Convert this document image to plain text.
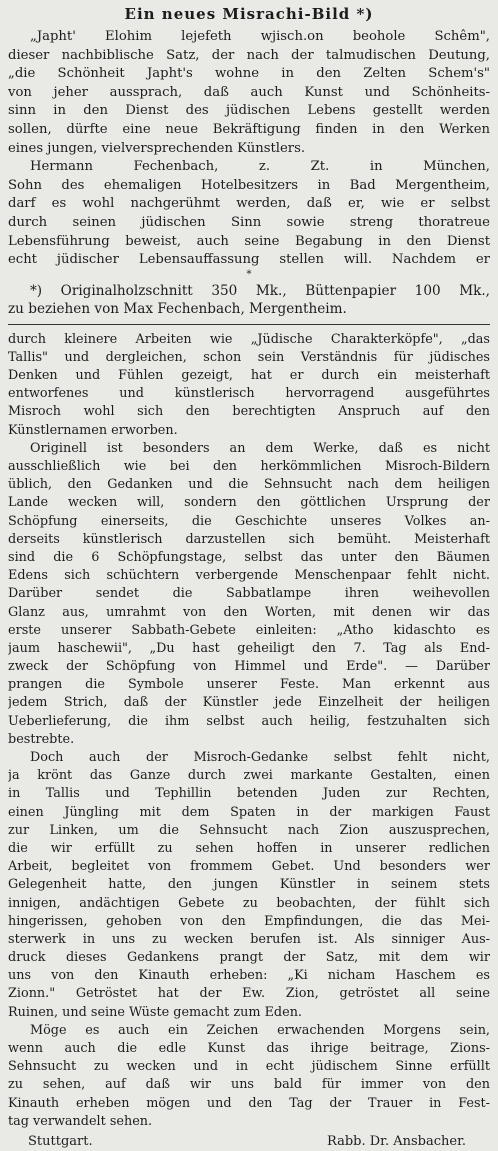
Ein neues Misrachi-Bild *)
„Japht' Elohim lejefeth wjisch.on beohole Schêm",
dieser nachbiblische Satz, der nach der talmudischen Deutung,
„die Schönheit Japht's wohne in den Zelten Schem's"
von jeher aussprach, daß auch Kunst und Schönheits-
sinn in den Dienst des jüdischen Lebens gestellt werden
sollen, dürfte eine neue Bekräftigung finden in den Werken
eines jungen, vielversprechenden Künstlers.
Hermann Fechenbach, z. Zt. in München,
Sohn des ehemaligen Hotelbesitzers in Bad Mergentheim,
darf es wohl nachgerühmt werden, daß er, wie er selbst
durch seinen jüdischen Sinn sowie streng thoratreue
Lebensführung beweist, auch seine Begabung in den Dienst
echt jüdischer Lebensauffassung stellen will. Nachdem er
*
*) Originalholzschnitt 350 Mk., Büttenpapier 100 Mk.,
zu beziehen von Max Fechenbach, Mergentheim.
durch kleinere Arbeiten wie „Jüdische Charakterköpfe", „das
Tallis" und dergleichen, schon sein Verständnis für jüdisches
Denken und Fühlen gezeigt, hat er durch ein meisterhaft
entworfenes und künstlerisch hervorragend ausgeführtes
Misroch wohl sich den berechtigten Anspruch auf den
Künstlernamen erworben.
Originell ist besonders an dem Werke, daß es nicht
ausschließlich wie bei den herkömmlichen Misroch-Bildern
üblich, den Gedanken und die Sehnsucht nach dem heiligen
Lande wecken will, sondern den göttlichen Ursprung der
Schöpfung einerseits, die Geschichte unseres Volkes an-
derseits künstlerisch darzustellen sich bemüht. Meisterhaft
sind die 6 Schöpfungstage, selbst das unter den Bäumen
Edens sich schüchtern verbergende Menschenpaar fehlt nicht.
Darüber sendet die Sabbatlampe ihren weihevollen
Glanz aus, umrahmt von den Worten, mit denen wir das
erste unserer Sabbath-Gebete einleiten: „Atho kidaschto es
jaum haschewii", „Du hast geheiligt den 7. Tag als End-
zweck der Schöpfung von Himmel und Erde". — Darüber
prangen die Symbole unserer Feste. Man erkennt aus
jedem Strich, daß der Künstler jede Einzelheit der heiligen
Ueberlieferung, die ihm selbst auch heilig, festzuhalten sich
bestrebte.
Doch auch der Misroch-Gedanke selbst fehlt nicht,
ja krönt das Ganze durch zwei markante Gestalten, einen
in Tallis und Tephillin betenden Juden zur Rechten,
einen Jüngling mit dem Spaten in der markigen Faust
zur Linken, um die Sehnsucht nach Zion auszusprechen,
die wir erfüllt zu sehen hoffen in unserer redlichen
Arbeit, begleitet von frommem Gebet. Und besonders wer
Gelegenheit hatte, den jungen Künstler in seinem stets
innigen, andächtigen Gebete zu beobachten, der fühlt sich
hingerissen, gehoben von den Empfindungen, die das Mei-
sterwerk in uns zu wecken berufen ist. Als sinniger Aus-
druck dieses Gedankens prangt der Satz, mit dem wir
uns von den Kinauth erheben: „Ki nicham Haschem es
Zionn." Getröstet hat der Ew. Zion, getröstet all seine
Ruinen, und seine Wüste gemacht zum Eden.
Möge es auch ein Zeichen erwachenden Morgens sein,
wenn auch die edle Kunst das ihrige beitrage, Zions-
Sehnsucht zu wecken und in echt jüdischem Sinne erfüllt
zu sehen, auf daß wir uns bald für immer von den
Kinauth erheben mögen und den Tag der Trauer in Fest-
tag verwandelt sehen.
Stuttgart.	Rabb. Dr. Ansbacher.
